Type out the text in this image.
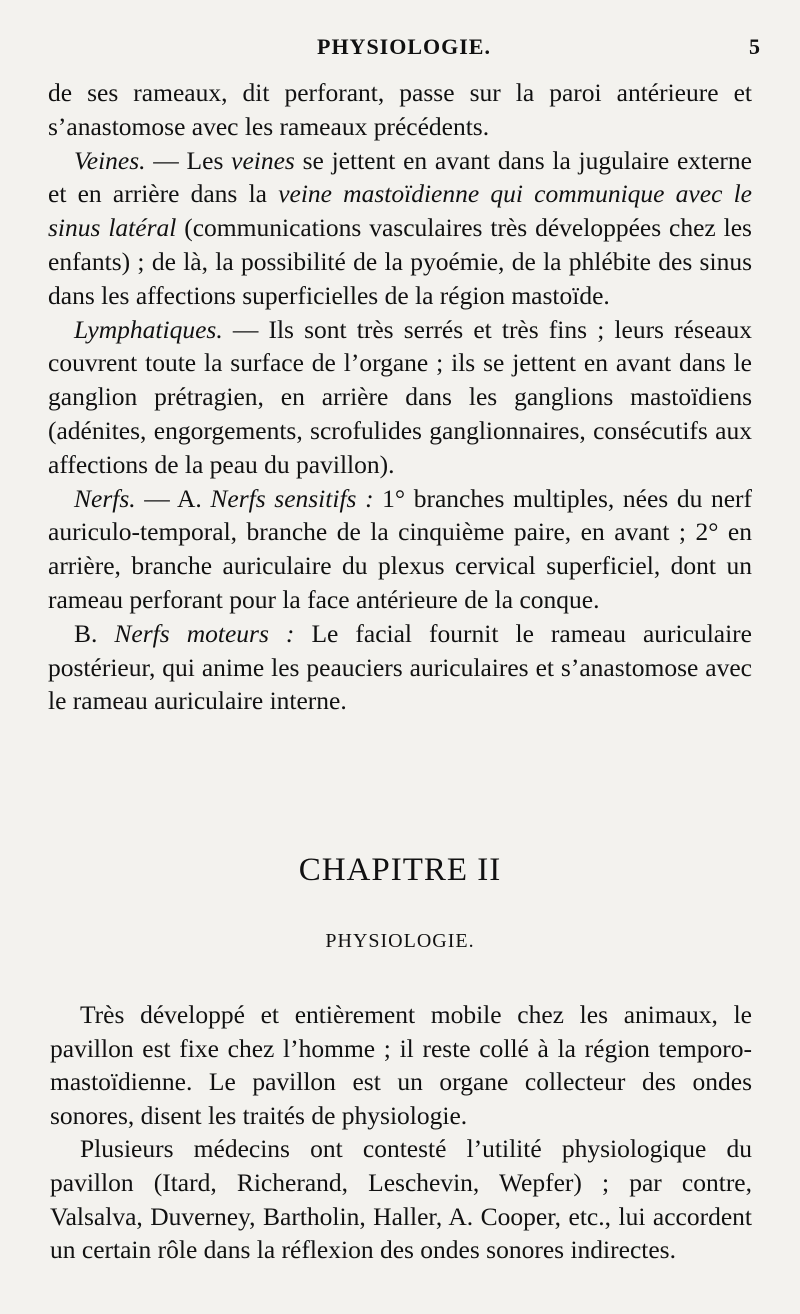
PHYSIOLOGIE.	5

de ses rameaux, dit perforant, passe sur la paroi antérieure et s’anastomose avec les rameaux précédents.

Veines. — Les veines se jettent en avant dans la jugulaire externe et en arrière dans la veine mastoïdienne qui communique avec le sinus latéral (communications vasculaires très développées chez les enfants) ; de là, la possibilité de la pyoémie, de la phlébite des sinus dans les affections superficielles de la région mastoïde.

Lymphatiques. — Ils sont très serrés et très fins ; leurs réseaux couvrent toute la surface de l’organe ; ils se jettent en avant dans le ganglion prétragien, en arrière dans les ganglions mastoïdiens (adénites, engorgements, scrofulides ganglionnaires, consécutifs aux affections de la peau du pavillon).

Nerfs. — A. Nerfs sensitifs : 1° branches multiples, nées du nerf auriculo-temporal, branche de la cinquième paire, en avant ; 2° en arrière, branche auriculaire du plexus cervical superficiel, dont un rameau perforant pour la face antérieure de la conque.

B. Nerfs moteurs : Le facial fournit le rameau auriculaire postérieur, qui anime les peauciers auriculaires et s’anastomose avec le rameau auriculaire interne.

CHAPITRE II
PHYSIOLOGIE.

Très développé et entièrement mobile chez les animaux, le pavillon est fixe chez l’homme ; il reste collé à la région temporo-mastoïdienne. Le pavillon est un organe collecteur des ondes sonores, disent les traités de physiologie.

Plusieurs médecins ont contesté l’utilité physiologique du pavillon (Itard, Richerand, Leschevin, Wepfer) ; par contre, Valsalva, Duverney, Bartholin, Haller, A. Cooper, etc., lui accordent un certain rôle dans la réflexion des ondes sonores indirectes.
